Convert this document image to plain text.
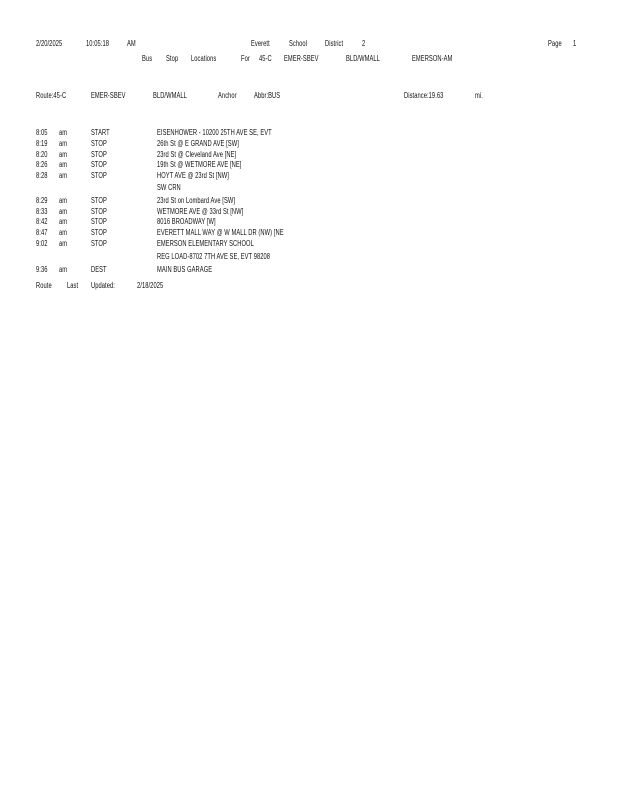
2/20/2025	10:05:18 AM	Everett School District 2	Page 1
Bus Stop Locations	For 45-C EMER-SBEV	BLD/WMALL	EMERSON-AM
Route:45-C	EMER-SBEV	BLD/WMALL	Anchor Abbr:BUS	Distance:19.63	mi.
8:05 am	START	EISENHOWER - 10200 25TH AVE SE, EVT
8:19 am	STOP	26th St @ E GRAND AVE [SW]
8:20 am	STOP	23rd St @ Cleveland Ave [NE]
8:26 am	STOP	19th St @ WETMORE AVE [NE]
8:28 am	STOP	HOYT AVE @ 23rd St [NW]
SW CRN
8:29 am	STOP	23rd St on Lombard Ave [SW]
8:33 am	STOP	WETMORE AVE @ 33rd St [NW]
8:42 am	STOP	8016 BROADWAY [W]
8:47 am	STOP	EVERETT MALL WAY @ W MALL DR (NW) [NE
9:02 am	STOP	EMERSON ELEMENTARY SCHOOL
REG LOAD-8702 7TH AVE SE, EVT 98208
9:36 am	DEST	MAIN BUS GARAGE
Route Last Updated:	2/18/2025
